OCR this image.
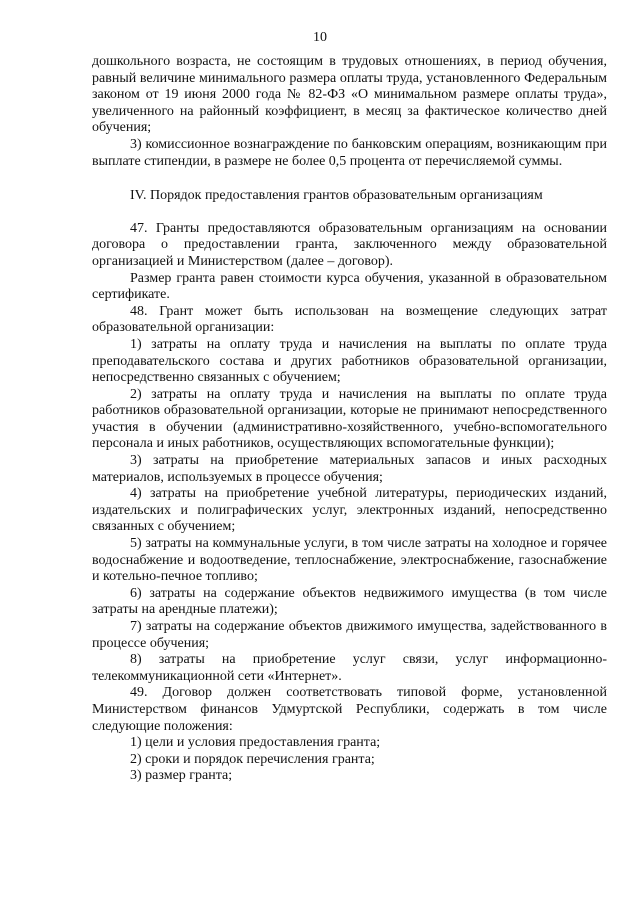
10

дошкольного возраста, не состоящим в трудовых отношениях, в период обучения, равный величине минимального размера оплаты труда, установленного Федеральным законом от 19 июня 2000 года № 82-ФЗ «О минимальном размере оплаты труда», увеличенного на районный коэффициент, в месяц за фактическое количество дней обучения;

3) комиссионное вознаграждение по банковским операциям, возникающим при выплате стипендии, в размере не более 0,5 процента от перечисляемой суммы.

IV. Порядок предоставления грантов образовательным организациям

47. Гранты предоставляются образовательным организациям на основании договора о предоставлении гранта, заключенного между образовательной организацией и Министерством (далее – договор).

Размер гранта равен стоимости курса обучения, указанной в образовательном сертификате.

48. Грант может быть использован на возмещение следующих затрат образовательной организации:

1) затраты на оплату труда и начисления на выплаты по оплате труда преподавательского состава и других работников образовательной организации, непосредственно связанных с обучением;

2) затраты на оплату труда и начисления на выплаты по оплате труда работников образовательной организации, которые не принимают непосредственного участия в обучении (административно-хозяйственного, учебно-вспомогательного персонала и иных работников, осуществляющих вспомогательные функции);

3) затраты на приобретение материальных запасов и иных расходных материалов, используемых в процессе обучения;

4) затраты на приобретение учебной литературы, периодических изданий, издательских и полиграфических услуг, электронных изданий, непосредственно связанных с обучением;

5) затраты на коммунальные услуги, в том числе затраты на холодное и горячее водоснабжение и водоотведение, теплоснабжение, электроснабжение, газоснабжение и котельно-печное топливо;

6) затраты на содержание объектов недвижимого имущества (в том числе затраты на арендные платежи);

7) затраты на содержание объектов движимого имущества, задействованного в процессе обучения;

8) затраты на приобретение услуг связи, услуг информационно-телекоммуникационной сети «Интернет».

49. Договор должен соответствовать типовой форме, установленной Министерством финансов Удмуртской Республики, содержать в том числе следующие положения:

1) цели и условия предоставления гранта;

2) сроки и порядок перечисления гранта;

3) размер гранта;
